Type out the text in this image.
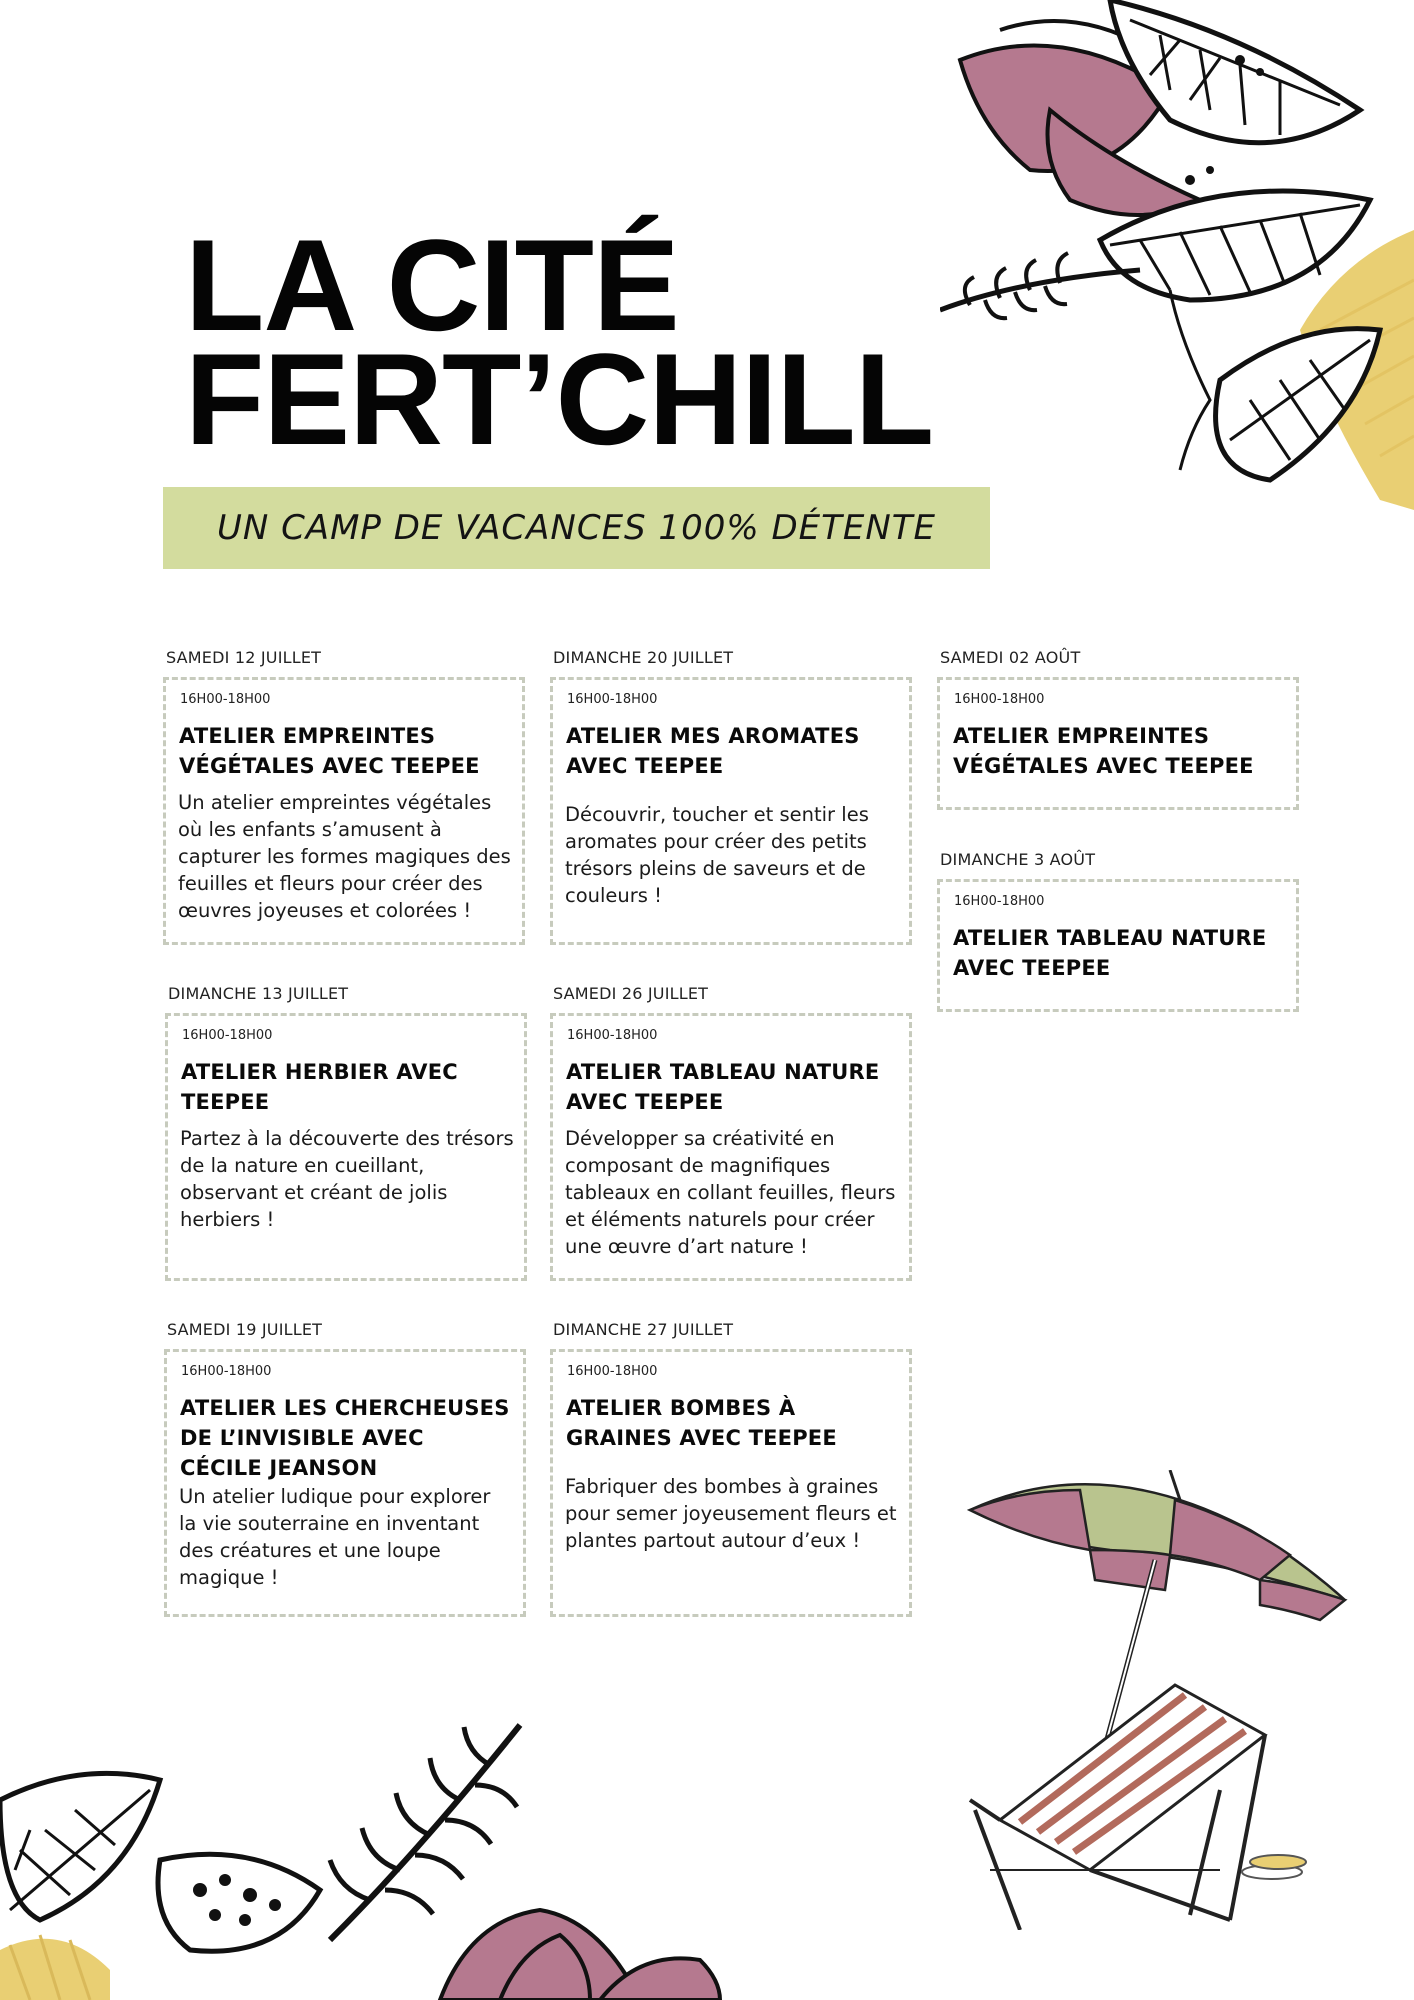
LA CITÉ
FERT’CHILL
UN CAMP DE VACANCES 100% DÉTENTE
SAMEDI 12 JUILLET
16H00-18H00
ATELIER EMPREINTES VÉGÉTALES AVEC TEEPEE

Un atelier empreintes végétales où les enfants s’amusent à capturer les formes magiques des feuilles et fleurs pour créer des œuvres joyeuses et colorées !

DIMANCHE 13 JUILLET
16H00-18H00
ATELIER HERBIER AVEC TEEPEE

Partez à la découverte des trésors de la nature en cueillant, observant et créant de jolis herbiers !

SAMEDI 19 JUILLET
16H00-18H00
ATELIER LES CHERCHEUSES DE L’INVISIBLE AVEC CÉCILE JEANSON

Un atelier ludique pour explorer la vie souterraine en inventant des créatures et une loupe magique !

DIMANCHE 20 JUILLET
16H00-18H00
ATELIER MES AROMATES AVEC TEEPEE

Découvrir, toucher et sentir les aromates pour créer des petits trésors pleins de saveurs et de couleurs !

SAMEDI 26 JUILLET
16H00-18H00
ATELIER TABLEAU NATURE AVEC TEEPEE

Développer sa créativité en composant de magnifiques tableaux en collant feuilles, fleurs et éléments naturels pour créer une œuvre d’art nature !

DIMANCHE 27 JUILLET
16H00-18H00
ATELIER BOMBES À GRAINES AVEC TEEPEE

Fabriquer des bombes à graines pour semer joyeusement fleurs et plantes partout autour d’eux !

SAMEDI 02 AOÛT
16H00-18H00
ATELIER EMPREINTES VÉGÉTALES AVEC TEEPEE
DIMANCHE 3 AOÛT
16H00-18H00
ATELIER TABLEAU NATURE AVEC TEEPEE
